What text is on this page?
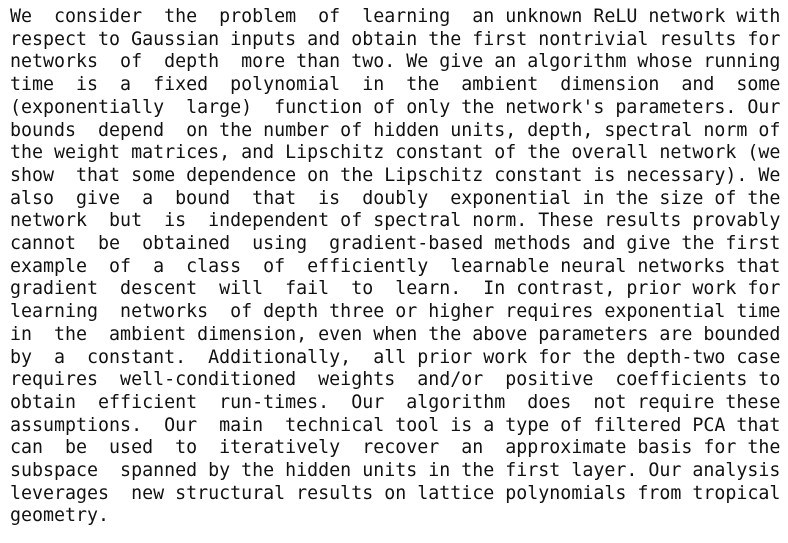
We  consider  the  problem  of  learning  an unknown ReLU network with
respect to Gaussian inputs and obtain the first nontrivial results for
networks  of  depth  more than two. We give an algorithm whose running
time  is  a  fixed  polynomial  in  the  ambient  dimension  and  some
(exponentially  large)  function of only the network's parameters. Our
bounds  depend  on the number of hidden units, depth, spectral norm of
the weight matrices, and Lipschitz constant of the overall network (we
show  that some dependence on the Lipschitz constant is necessary). We
also  give  a  bound  that  is  doubly  exponential in the size of the
network  but  is  independent of spectral norm. These results provably
cannot  be  obtained  using  gradient-based methods and give the first
example  of  a  class  of  efficiently  learnable neural networks that
gradient  descent  will  fail  to  learn.  In contrast, prior work for
learning  networks  of depth three or higher requires exponential time
in  the  ambient dimension, even when the above parameters are bounded
by  a  constant.  Additionally,  all prior work for the depth-two case
requires  well-conditioned  weights  and/or  positive  coefficients to
obtain  efficient  run-times.  Our  algorithm  does  not require these
assumptions.  Our  main  technical tool is a type of filtered PCA that
can  be  used  to  iteratively  recover  an  approximate basis for the
subspace  spanned by the hidden units in the first layer. Our analysis
leverages  new structural results on lattice polynomials from tropical
geometry.
